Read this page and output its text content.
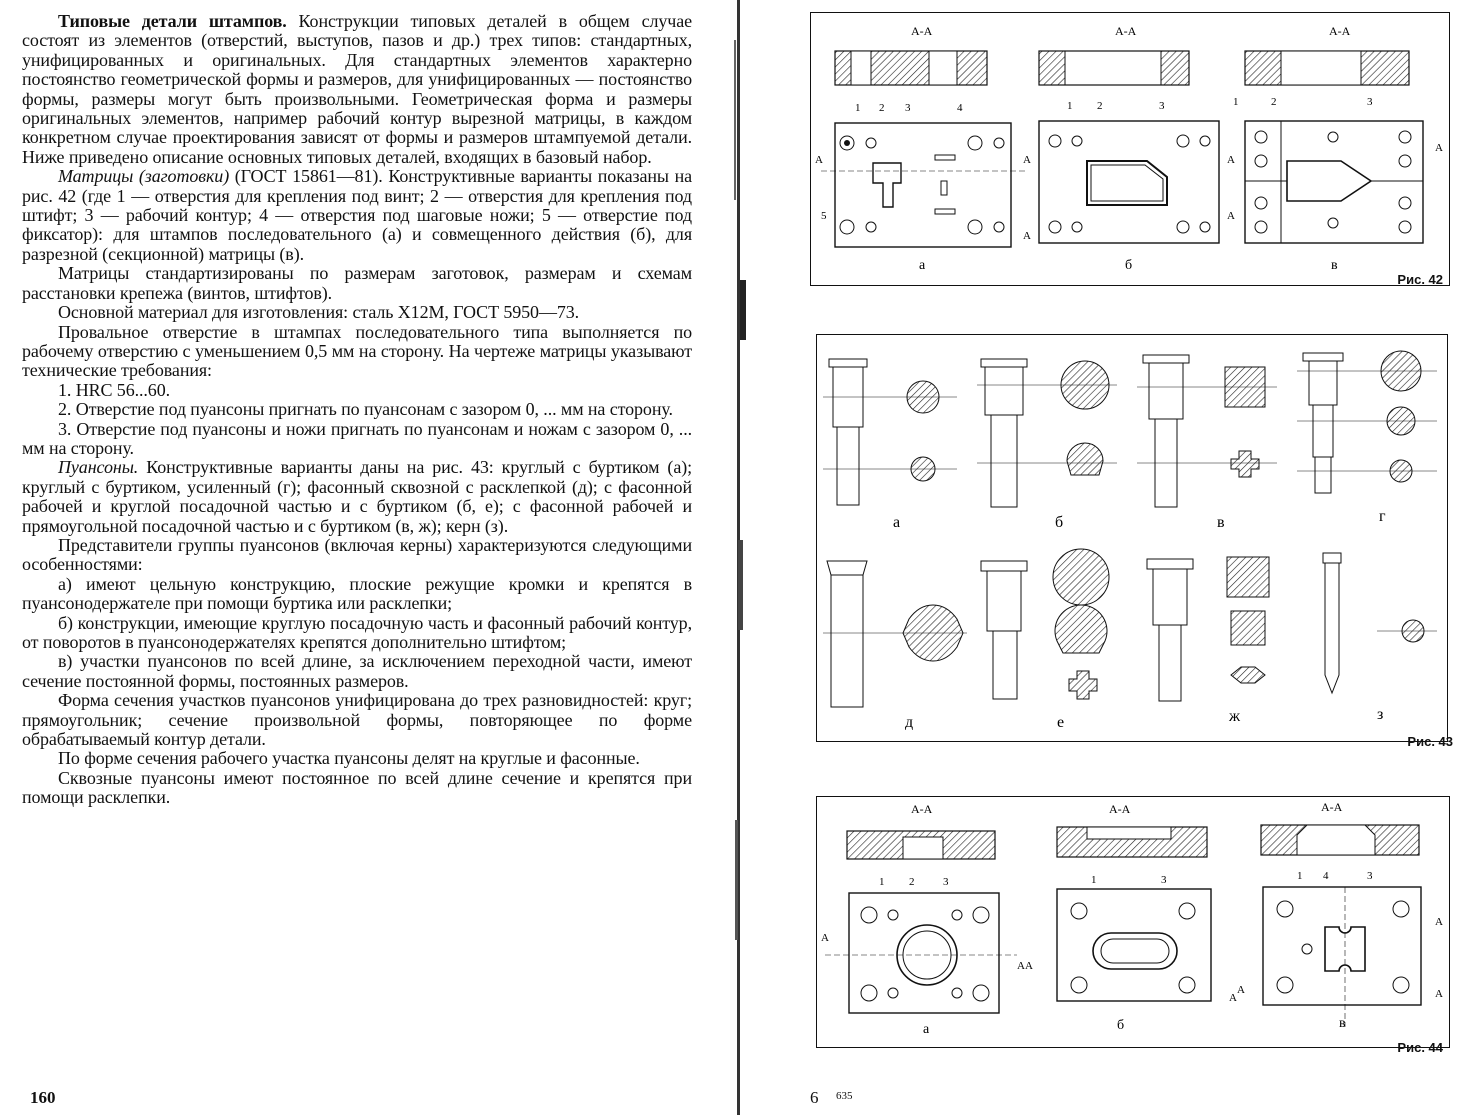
Типовые детали штампов. Конструкции типовых деталей в общем случае состоят из элементов (отверстий, выступов, пазов и др.) трех типов: стандартных, унифицированных и оригинальных. Для стандартных элементов характерно постоянство геометрической формы и размеров, для унифицированных — постоянство формы, размеры могут быть произвольными. Геометрическая форма и размеры оригинальных элементов, например рабочий контур вырезной матрицы, в каждом конкретном случае проектирования зависят от формы и размеров штампуемой детали. Ниже приведено описание основных типовых деталей, входящих в базовый набор.

Матрицы (заготовки) (ГОСТ 15861—81). Конструктивные варианты показаны на рис. 42 (где 1 — отверстия для крепления под винт; 2 — отверстия для крепления под штифт; 3 — рабочий контур; 4 — отверстия под шаговые ножи; 5 — отверстие под фиксатор): для штампов последовательного (а) и совмещенного действия (б), для разрезной (секционной) матрицы (в).

Матрицы стандартизированы по размерам заготовок, размерам и схемам расстановки крепежа (винтов, штифтов).

Основной материал для изготовления: сталь Х12М, ГОСТ 5950—73.

Провальное отверстие в штампах последовательного типа выполняется по рабочему отверстию с уменьшением 0,5 мм на сторону. На чертеже матрицы указывают технические требования:

1. HRC 56...60.

2. Отверстие под пуансоны пригнать по пуансонам с зазором 0, ... мм на сторону.

3. Отверстие под пуансоны и ножи пригнать по пуансонам и ножам с зазором 0, ... мм на сторону.

Пуансоны. Конструктивные варианты даны на рис. 43: круглый с буртиком (а); круглый с буртиком, усиленный (г); фасонный сквозной с расклепкой (д); с фасонной рабочей и круглой посадочной частью и с буртиком (б, е); с фасонной рабочей и прямоугольной посадочной частью и с буртиком (в, ж); керн (з).

Представители группы пуансонов (включая керны) характеризуются следующими особенностями:

а) имеют цельную конструкцию, плоские режущие кромки и крепятся в пуансонодержателе при помощи буртика или расклепки;

б) конструкции, имеющие круглую посадочную часть и фасонный рабочий контур, от поворотов в пуансонодержателях крепятся дополнительно штифтом;

в) участки пуансонов по всей длине, за исключением переходной части, имеют сечение постоянной формы, постоянных размеров.

Форма сечения участков пуансонов унифицирована до трех разновидностей: круг; прямоугольник; сечение произвольной формы, повторяющее по форме обрабатываемый контур детали.

По форме сечения рабочего участка пуансоны делят на круглые и фасонные.

Сквозные пуансоны имеют постоянное по всей длине сечение и крепятся при помощи расклепки.

160
А-А	А-А	А-А
а	б	в
1 2 3	4
5
1 2	3	1	2	3
А	А
А
А
А
А
Рис. 42
а	б	в	г
д	е	ж	з
Рис. 43
А-А	А-А	А-А
а	б	в
1 2	3	1	3	1 4	3
А
А
А
А
А
АА
Рис. 44
6 635
